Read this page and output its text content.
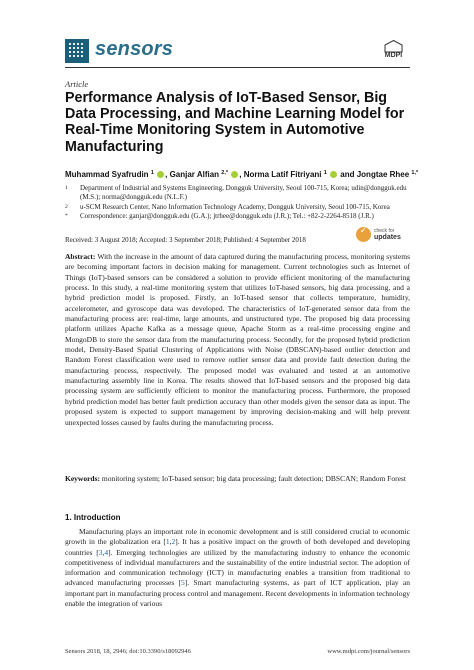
sensors	MDPI
Article
Performance Analysis of IoT-Based Sensor, Big Data Processing, and Machine Learning Model for Real-Time Monitoring System in Automotive Manufacturing
Muhammad Syafrudin $^1$ , Ganjar Alfian $^{2,*}$ , Norma Latif Fitriyani $^1$  and Jongtae Rhee $^{1,*}$
1 Department of Industrial and Systems Engineering, Dongguk University, Seoul 100-715, Korea; udin@dongguk.edu (M.S.); norma@dongguk.edu (N.L.F.)
2 u-SCM Research Center, Nano Information Technology Academy, Dongguk University, Seoul 100-715, Korea
* Correspondence: ganjar@dongguk.edu (G.A.); jtrhee@dongguk.edu (J.R.); Tel.: +82-2-2264-8518 (J.R.)
Received: 3 August 2018; Accepted: 3 September 2018; Published: 4 September 2018
✓	check for
updates

Abstract: With the increase in the amount of data captured during the manufacturing process, monitoring systems are becoming important factors in decision making for management. Current technologies such as Internet of Things (IoT)-based sensors can be considered a solution to provide efficient monitoring of the manufacturing process. In this study, a real-time monitoring system that utilizes IoT-based sensors, big data processing, and a hybrid prediction model is proposed. Firstly, an IoT-based sensor that collects temperature, humidity, accelerometer, and gyroscope data was developed. The characteristics of IoT-generated sensor data from the manufacturing process are: real-time, large amounts, and unstructured type. The proposed big data processing platform utilizes Apache Kafka as a message queue, Apache Storm as a real-time processing engine and MongoDB to store the sensor data from the manufacturing process. Secondly, for the proposed hybrid prediction model, Density-Based Spatial Clustering of Applications with Noise (DBSCAN)-based outlier detection and Random Forest classification were used to remove outlier sensor data and provide fault detection during the manufacturing process, respectively. The proposed model was evaluated and tested at an automotive manufacturing assembly line in Korea. The results showed that IoT-based sensors and the proposed big data processing system are sufficiently efficient to monitor the manufacturing process. Furthermore, the proposed hybrid prediction model has better fault prediction accuracy than other models given the sensor data as input. The proposed system is expected to support management by improving decision-making and will help prevent unexpected losses caused by faults during the manufacturing process.

Keywords: monitoring system; IoT-based sensor; big data processing; fault detection; DBSCAN; Random Forest

1. Introduction

Manufacturing plays an important role in economic development and is still considered crucial to economic growth in the globalization era [1,2]. It has a positive impact on the growth of both developed and developing countries [3,4]. Emerging technologies are utilized by the manufacturing industry to enhance the economic competitiveness of individual manufacturers and the sustainability of the entire industrial sector. The adoption of information and communication technology (ICT) in manufacturing enables a transition from traditional to advanced manufacturing processes [5]. Smart manufacturing systems, as part of ICT application, play an important part in manufacturing process control and management. Recent developments in information technology enable the integration of various

Sensors 2018, 18, 2946; doi:10.3390/s18092946	www.mdpi.com/journal/sensors
